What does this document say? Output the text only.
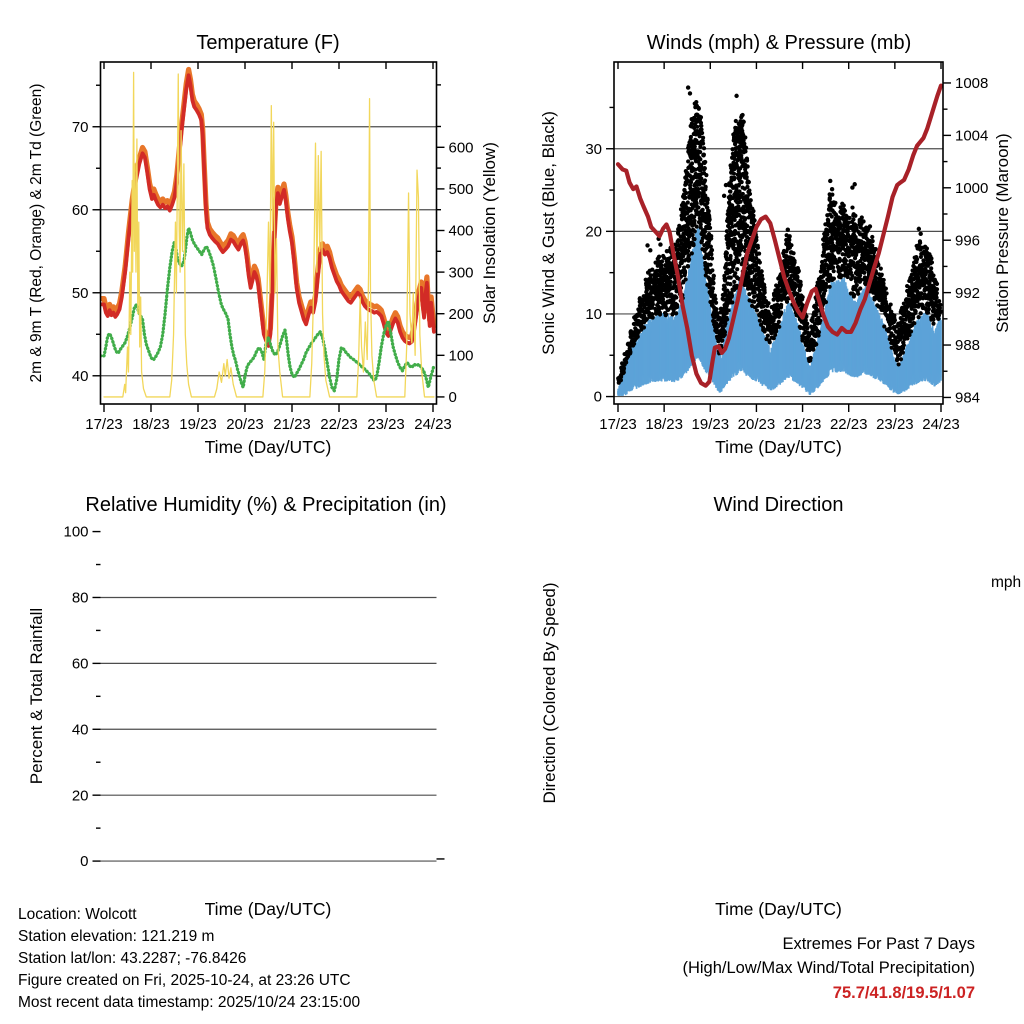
Temperature (F)	Winds (mph) & Pressure (mb)
Relative Humidity (%) & Precipitation (in)	Wind Direction
Time (Day/UTC)	Time (Day/UTC)
Time (Day/UTC)	Time (Day/UTC)
2m & 9m T (Red, Orange) & 2m Td (Green)	Solar Insolation (Yellow) Sonic Wind & Gust (Blue, Black)	Station Pressure (Maroon)
Percent & Total Rainfall	Direction (Colored By Speed)	mph
Location: Wolcott
Station elevation: 121.219 m
Station lat/lon: 43.2287; -76.8426
Figure created on Fri, 2025-10-24, at 23:26 UTC
Most recent data timestamp: 2025/10/24 23:15:00
Extremes For Past 7 Days
(High/Low/Max Wind/Total Precipitation)
75.7/41.8/19.5/1.07
